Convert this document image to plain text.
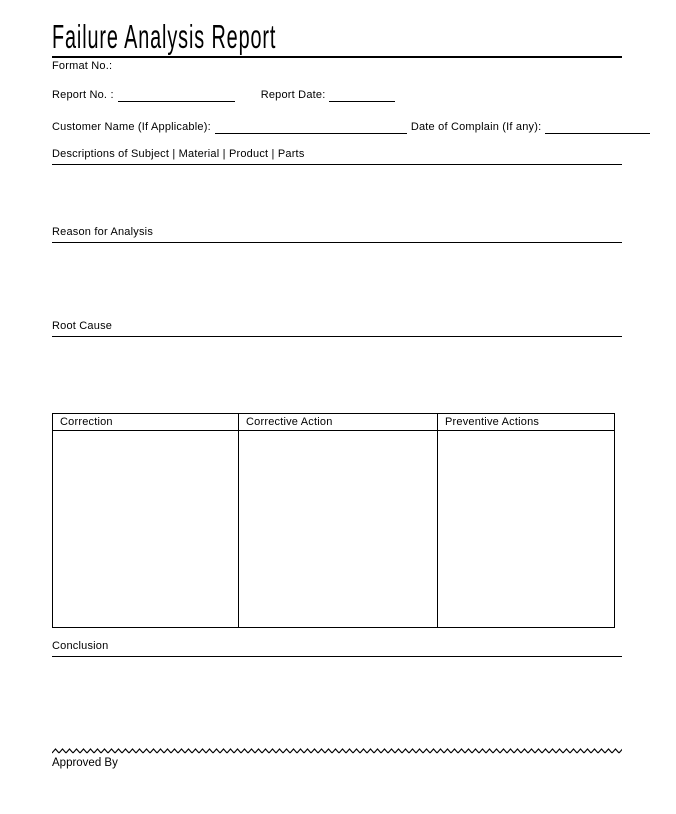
Failure Analysis Report
Format No.:
Report No. :	Report Date:
Customer Name (If Applicable):	Date of Complain (If any):
Descriptions of Subject | Material | Product | Parts
Reason for Analysis
Root Cause
Correction	Corrective Action	Preventive Actions

Conclusion
Approved By
